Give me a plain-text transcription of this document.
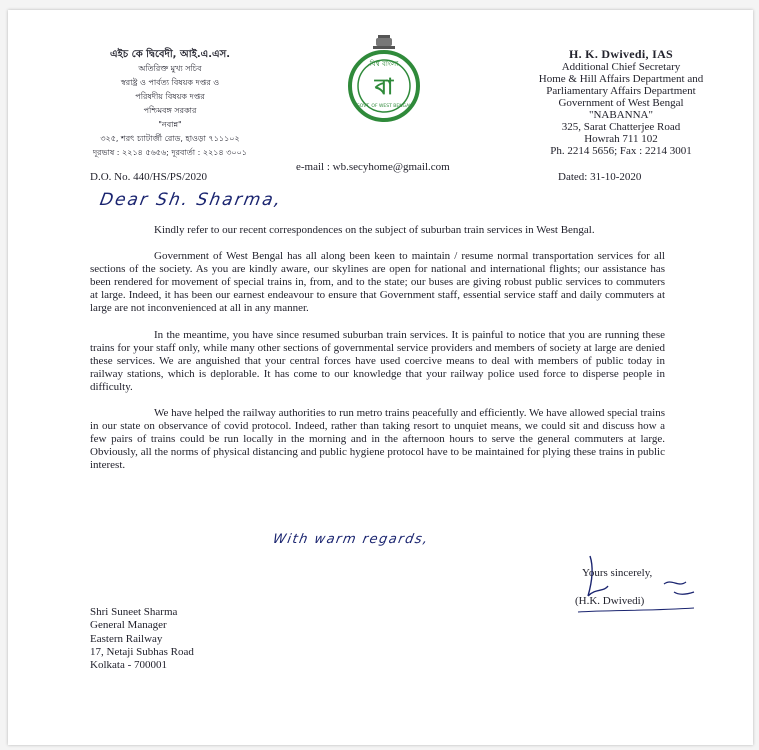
এইচ কে দ্বিবেদী, আই.এ.এস.
অতিরিক্ত মুখ্য সচিব
স্বরাষ্ট্র ও পার্বত্য বিষয়ক দপ্তর ও
পরিষদীয় বিষয়ক দপ্তর
পশ্চিমবঙ্গ সরকার
"নবান্ন"
৩২৫, শরৎ চ্যাটার্জী রোড, হাওড়া ৭১১১০২
দূরভাষ : ২২১৪ ৫৬৫৬; দূরবার্তা : ২২১৪ ৩০০১
বিশ্ব বাংলা
বা
GOVT. OF WEST BENGAL
H. K. Dwivedi, IAS
Additional Chief Secretary
Home & Hill Affairs Department and
Parliamentary Affairs Department
Government of West Bengal
"NABANNA"
325, Sarat Chatterjee Road
Howrah 711 102
Ph. 2214 5656; Fax : 2214 3001
e-mail : wb.secyhome@gmail.com
D.O. No. 440/HS/PS/2020	Dated: 31-10-2020
Dear Sh. Sharma,

Kindly refer to our recent correspondences on the subject of suburban train services in West Bengal.

Government of West Bengal has all along been keen to maintain / resume normal transportation services for all sections of the society. As you are kindly aware, our skylines are open for national and international flights; our assistance has been rendered for movement of special trains in, from, and to the state; our buses are giving robust public services to commuters at large. Indeed, it has been our earnest endeavour to ensure that Government staff, essential service staff and daily commuters at large are not inconvenienced at all in any manner.

In the meantime, you have since resumed suburban train services. It is painful to notice that you are running these trains for your staff only, while many other sections of governmental service providers and members of society at large are denied these services. We are anguished that your central forces have used coercive means to deal with members of public today in railway stations, which is deplorable. It has come to our knowledge that your railway police used force to disperse people in difficulty.

We have helped the railway authorities to run metro trains peacefully and efficiently. We have allowed special trains in our state on observance of covid protocol. Indeed, rather than taking resort to unquiet means, we could sit and discuss how a few pairs of trains could be run locally in the morning and in the afternoon hours to serve the general commuters at large. Obviously, all the norms of physical distancing and public hygiene protocol have to be maintained for plying these trains in public interest.

With warm regards,
Yours sincerely,
(H.K. Dwivedi)
Shri Suneet Sharma
General Manager
Eastern Railway
17, Netaji Subhas Road
Kolkata - 700001
